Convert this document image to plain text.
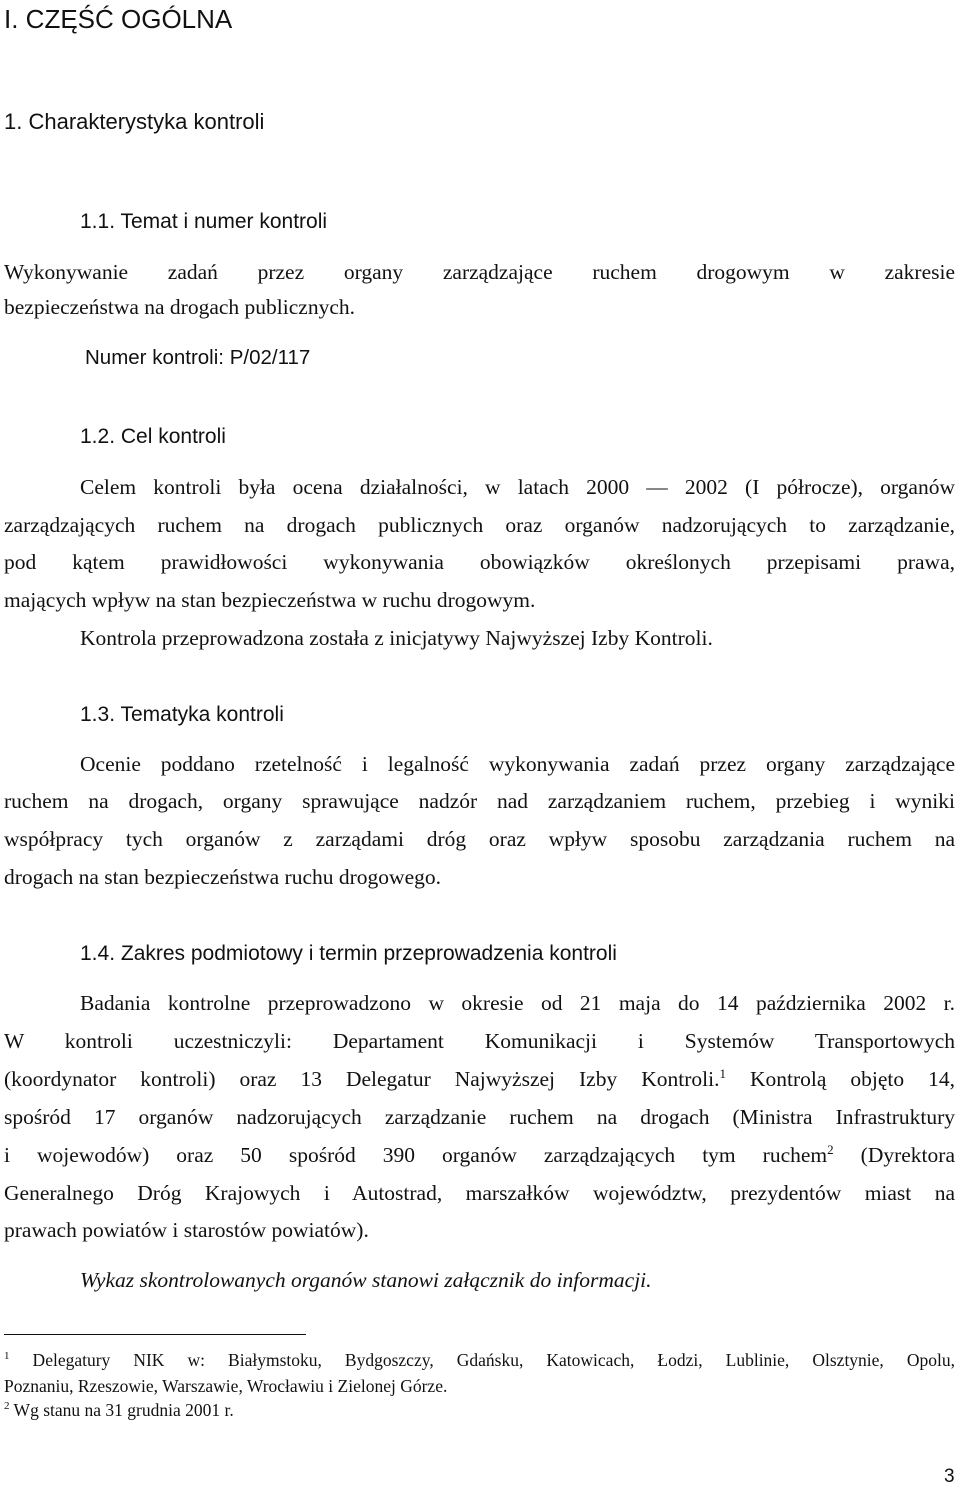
I. CZĘŚĆ OGÓLNA
1. Charakterystyka kontroli
1.1. Temat i numer kontroli
Wykonywanie zadań przez organy zarządzające ruchem drogowym w zakresie
bezpieczeństwa na drogach publicznych.
Numer kontroli: P/02/117
1.2. Cel kontroli
Celem kontroli była ocena działalności, w latach 2000 — 2002 (I półrocze), organów
zarządzających ruchem na drogach publicznych oraz organów nadzorujących to zarządzanie,
pod kątem prawidłowości wykonywania obowiązków określonych przepisami prawa,
mających wpływ na stan bezpieczeństwa w ruchu drogowym.
Kontrola przeprowadzona została z inicjatywy Najwyższej Izby Kontroli.
1.3. Tematyka kontroli
Ocenie poddano rzetelność i legalność wykonywania zadań przez organy zarządzające
ruchem na drogach, organy sprawujące nadzór nad zarządzaniem ruchem, przebieg i wyniki
współpracy tych organów z zarządami dróg oraz wpływ sposobu zarządzania ruchem na
drogach na stan bezpieczeństwa ruchu drogowego.
1.4. Zakres podmiotowy i termin przeprowadzenia kontroli
Badania kontrolne przeprowadzono w okresie od 21 maja do 14 października 2002 r.
W kontroli uczestniczyli: Departament Komunikacji i Systemów Transportowych
(koordynator kontroli) oraz 13 Delegatur Najwyższej Izby Kontroli.$^1$ Kontrolą objęto 14,
spośród 17 organów nadzorujących zarządzanie ruchem na drogach (Ministra Infrastruktury
i wojewodów) oraz 50 spośród 390 organów zarządzających tym ruchem$^2$ (Dyrektora
Generalnego Dróg Krajowych i Autostrad, marszałków województw, prezydentów miast na
prawach powiatów i starostów powiatów).
Wykaz skontrolowanych organów stanowi załącznik do informacji.
$^1$ Delegatury NIK w: Białymstoku, Bydgoszczy, Gdańsku, Katowicach, Łodzi, Lublinie, Olsztynie, Opolu,
Poznaniu, Rzeszowie, Warszawie, Wrocławiu i Zielonej Górze.
$^2$ Wg stanu na 31 grudnia 2001 r.
3
